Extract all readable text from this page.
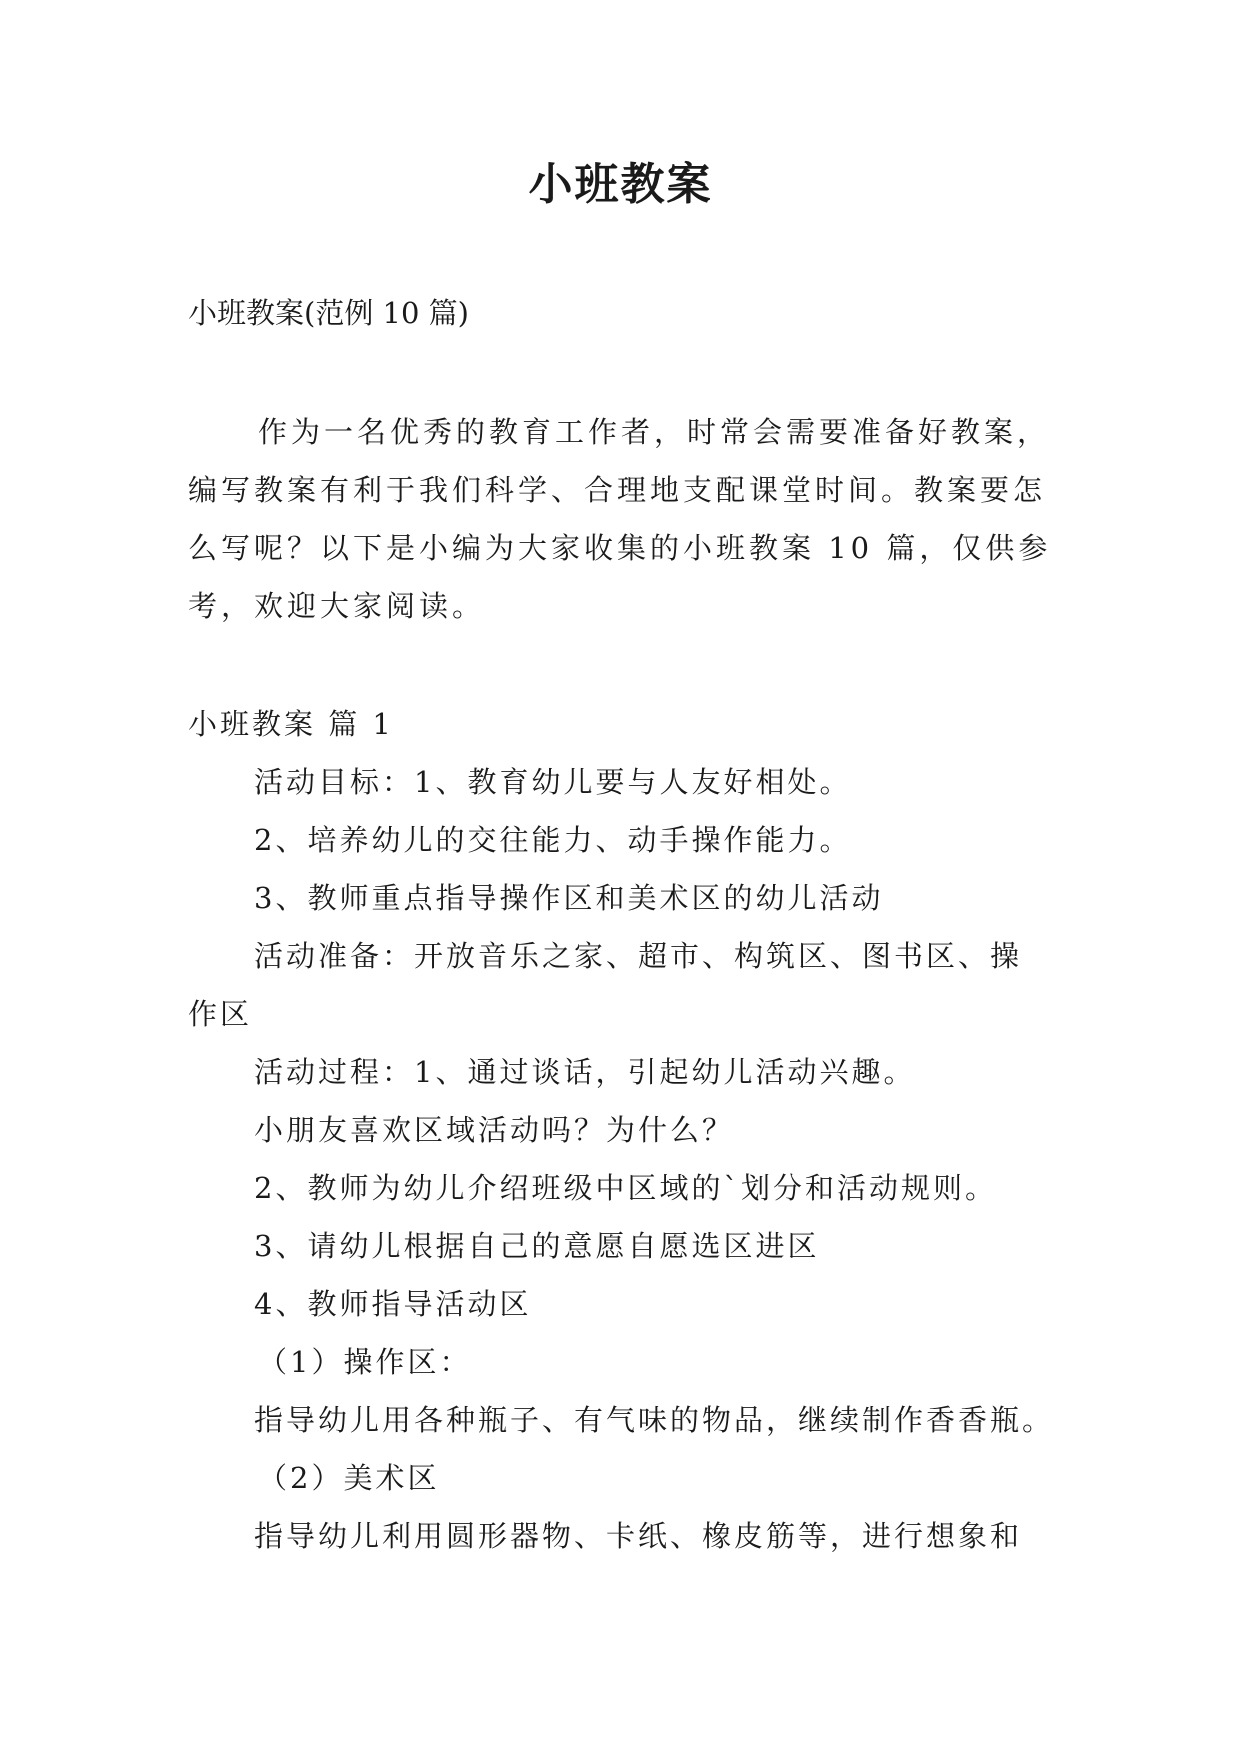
小班教案
小班教案(范例 10 篇)
作为一名优秀的教育工作者，时常会需要准备好教案，
编写教案有利于我们科学、合理地支配课堂时间。教案要怎
么写呢？以下是小编为大家收集的小班教案 10 篇，仅供参
考，欢迎大家阅读。
小班教案 篇 1
活动目标：1、教育幼儿要与人友好相处。
2、培养幼儿的交往能力、动手操作能力。
3、教师重点指导操作区和美术区的幼儿活动
活动准备：开放音乐之家、超市、构筑区、图书区、操
作区
活动过程：1、通过谈话，引起幼儿活动兴趣。
小朋友喜欢区域活动吗？为什么？
2、教师为幼儿介绍班级中区域的`划分和活动规则。
3、请幼儿根据自己的意愿自愿选区进区
4、教师指导活动区
（1）操作区：
指导幼儿用各种瓶子、有气味的物品，继续制作香香瓶。
（2）美术区
指导幼儿利用圆形器物、卡纸、橡皮筋等，进行想象和
